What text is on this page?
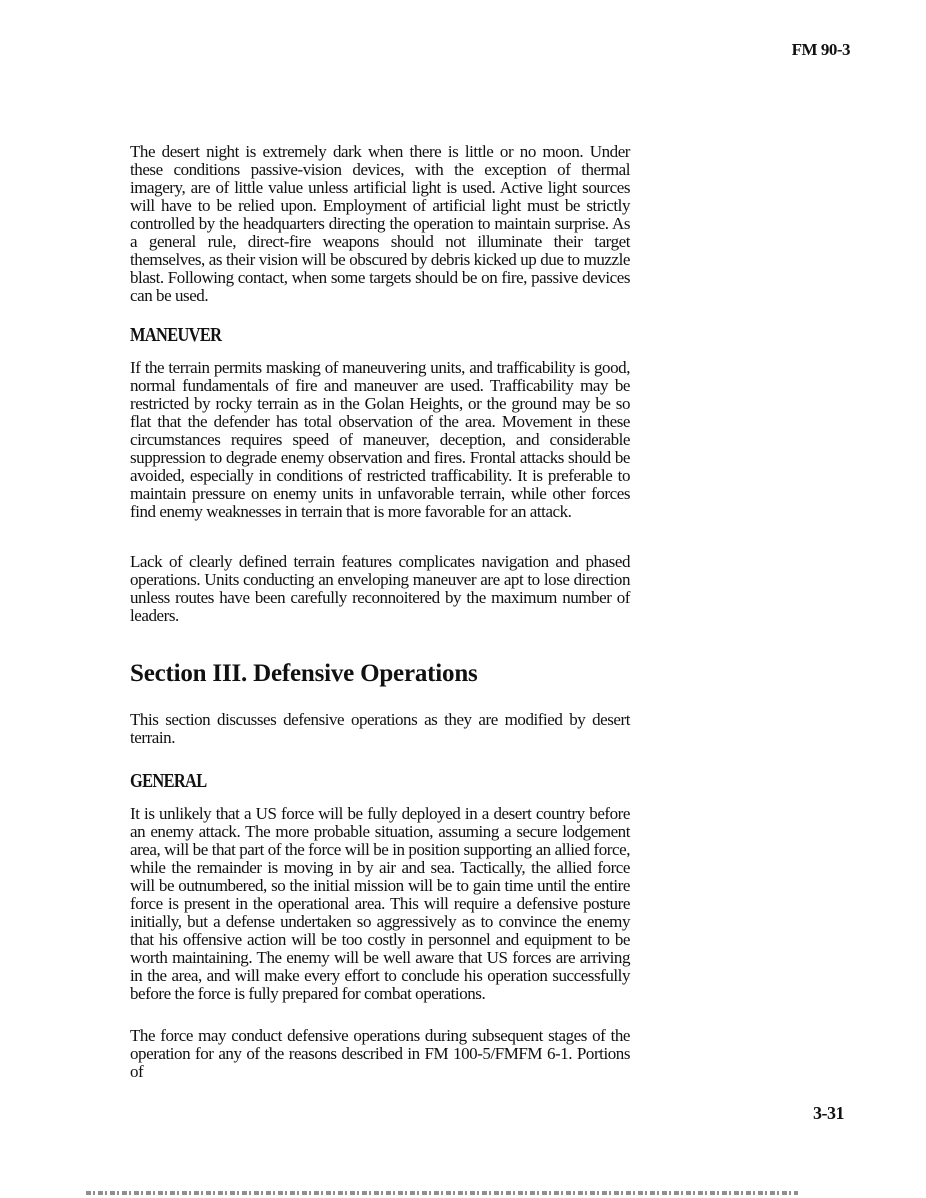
FM 90-3

The desert night is extremely dark when there is little or no moon. Under these conditions passive-vision devices, with the exception of thermal imagery, are of little value unless artificial light is used. Active light sources will have to be relied upon. Employment of artificial light must be strictly controlled by the headquarters directing the operation to maintain surprise. As a general rule, direct-fire weapons should not illuminate their target themselves, as their vision will be obscured by debris kicked up due to muzzle blast. Following contact, when some targets should be on fire, passive devices can be used.

MANEUVER

If the terrain permits masking of maneuvering units, and trafficability is good, normal fundamentals of fire and maneuver are used. Trafficability may be restricted by rocky terrain as in the Golan Heights, or the ground may be so flat that the defender has total observation of the area. Movement in these circumstances requires speed of maneuver, deception, and considerable suppression to degrade enemy observation and fires. Frontal attacks should be avoided, especially in conditions of restricted trafficability. It is preferable to maintain pressure on enemy units in unfavorable terrain, while other forces find enemy weaknesses in terrain that is more favorable for an attack.

Lack of clearly defined terrain features complicates navigation and phased operations. Units conducting an enveloping maneuver are apt to lose direction unless routes have been carefully reconnoitered by the maximum number of leaders.

Section III. Defensive Operations

This section discusses defensive operations as they are modified by desert terrain.

GENERAL

It is unlikely that a US force will be fully deployed in a desert country before an enemy attack. The more probable situation, assuming a secure lodgement area, will be that part of the force will be in position supporting an allied force, while the remainder is moving in by air and sea. Tactically, the allied force will be outnumbered, so the initial mission will be to gain time until the entire force is present in the operational area. This will require a defensive posture initially, but a defense undertaken so aggressively as to convince the enemy that his offensive action will be too costly in personnel and equipment to be worth maintaining. The enemy will be well aware that US forces are arriving in the area, and will make every effort to conclude his operation successfully before the force is fully prepared for combat operations.

The force may conduct defensive operations during subsequent stages of the operation for any of the reasons described in FM 100-5/FMFM 6-1. Portions of

3-31
